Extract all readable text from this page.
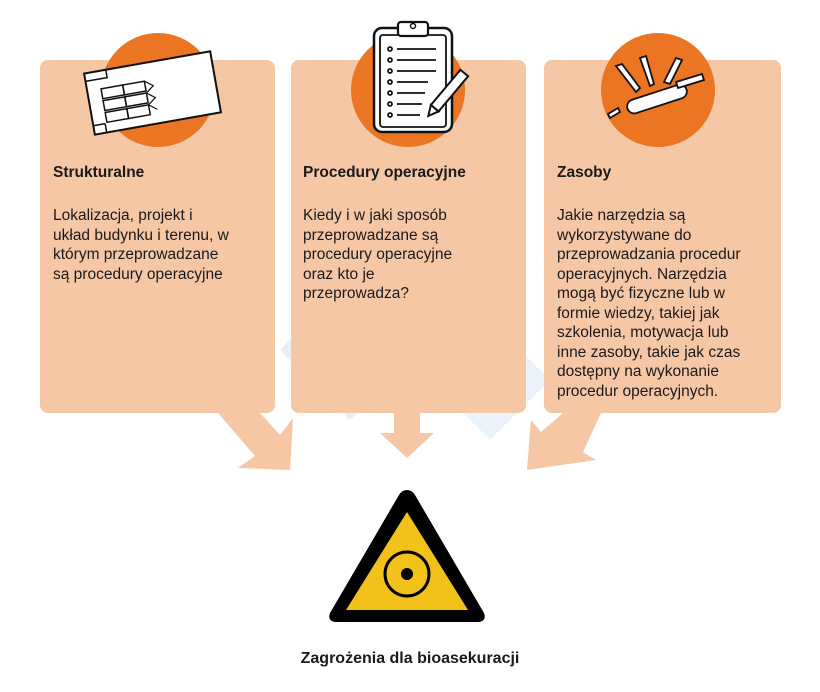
Strukturalne
Lokalizacja, projekt i
układ budynku i terenu, w
którym przeprowadzane
są procedury operacyjne
Procedury operacyjne
Kiedy i w jaki sposób
przeprowadzane są
procedury operacyjne
oraz kto je
przeprowadza?
Zasoby
Jakie narzędzia są
wykorzystywane do
przeprowadzania procedur
operacyjnych. Narzędzia
mogą być fizyczne lub w
formie wiedzy, takiej jak
szkolenia, motywacja lub
inne zasoby, takie jak czas
dostępny na wykonanie
procedur operacyjnych.
Zagrożenia dla bioasekuracji
